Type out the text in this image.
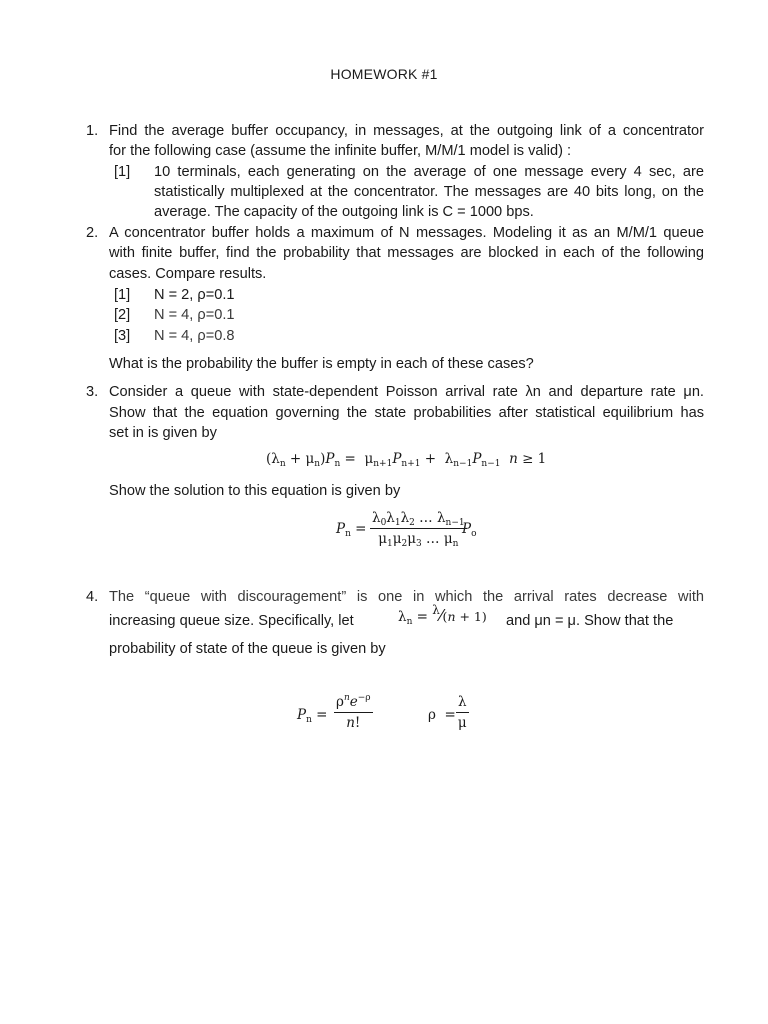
HOMEWORK #1
1. Find the average buffer occupancy, in messages, at the outgoing link of a concentrator
for the following case (assume the infinite buffer, M/M/1 model is valid) :
[1] 10 terminals, each generating on the average of one message every 4 sec, are
statistically multiplexed at the concentrator. The messages are 40 bits long, on the
average. The capacity of the outgoing link is C = 1000 bps.
2. A concentrator buffer holds a maximum of N messages. Modeling it as an M/M/1 queue
with finite buffer, find the probability that messages are blocked in each of the following
cases. Compare results.
[1] N = 2, ρ=0.1
[2] N = 4, ρ=0.1
[3] N = 4, ρ=0.8
What is the probability the buffer is empty in each of these cases?
3. Consider a queue with state-dependent Poisson arrival rate λn and departure rate μn.
Show that the equation governing the state probabilities after statistical equilibrium has
set in is given by
$(\lambda_n + \mu_n)P_n = \mu_{n+1}P_{n+1} + \lambda_{n-1}P_{n-1}$ n ≥ 1
Show the solution to this equation is given by
$P_n = \frac{\lambda_0\lambda_1\lambda_2 \dots \lambda_{n-1}}{\mu_1\mu_2\mu_3 \dots \mu_n}$
$P_o$
4. The “queue with discouragement” is one in which the arrival rates decrease with
increasing queue size. Specifically, let	$\lambda_n$ = $^\lambda$⁄(n + 1) and μn = μ. Show that the
probability of state of the queue is given by
$P_n$ =
$\rho^ne^{-\rho}$
n!	$\rho = \frac{\lambda}{\mu}$
